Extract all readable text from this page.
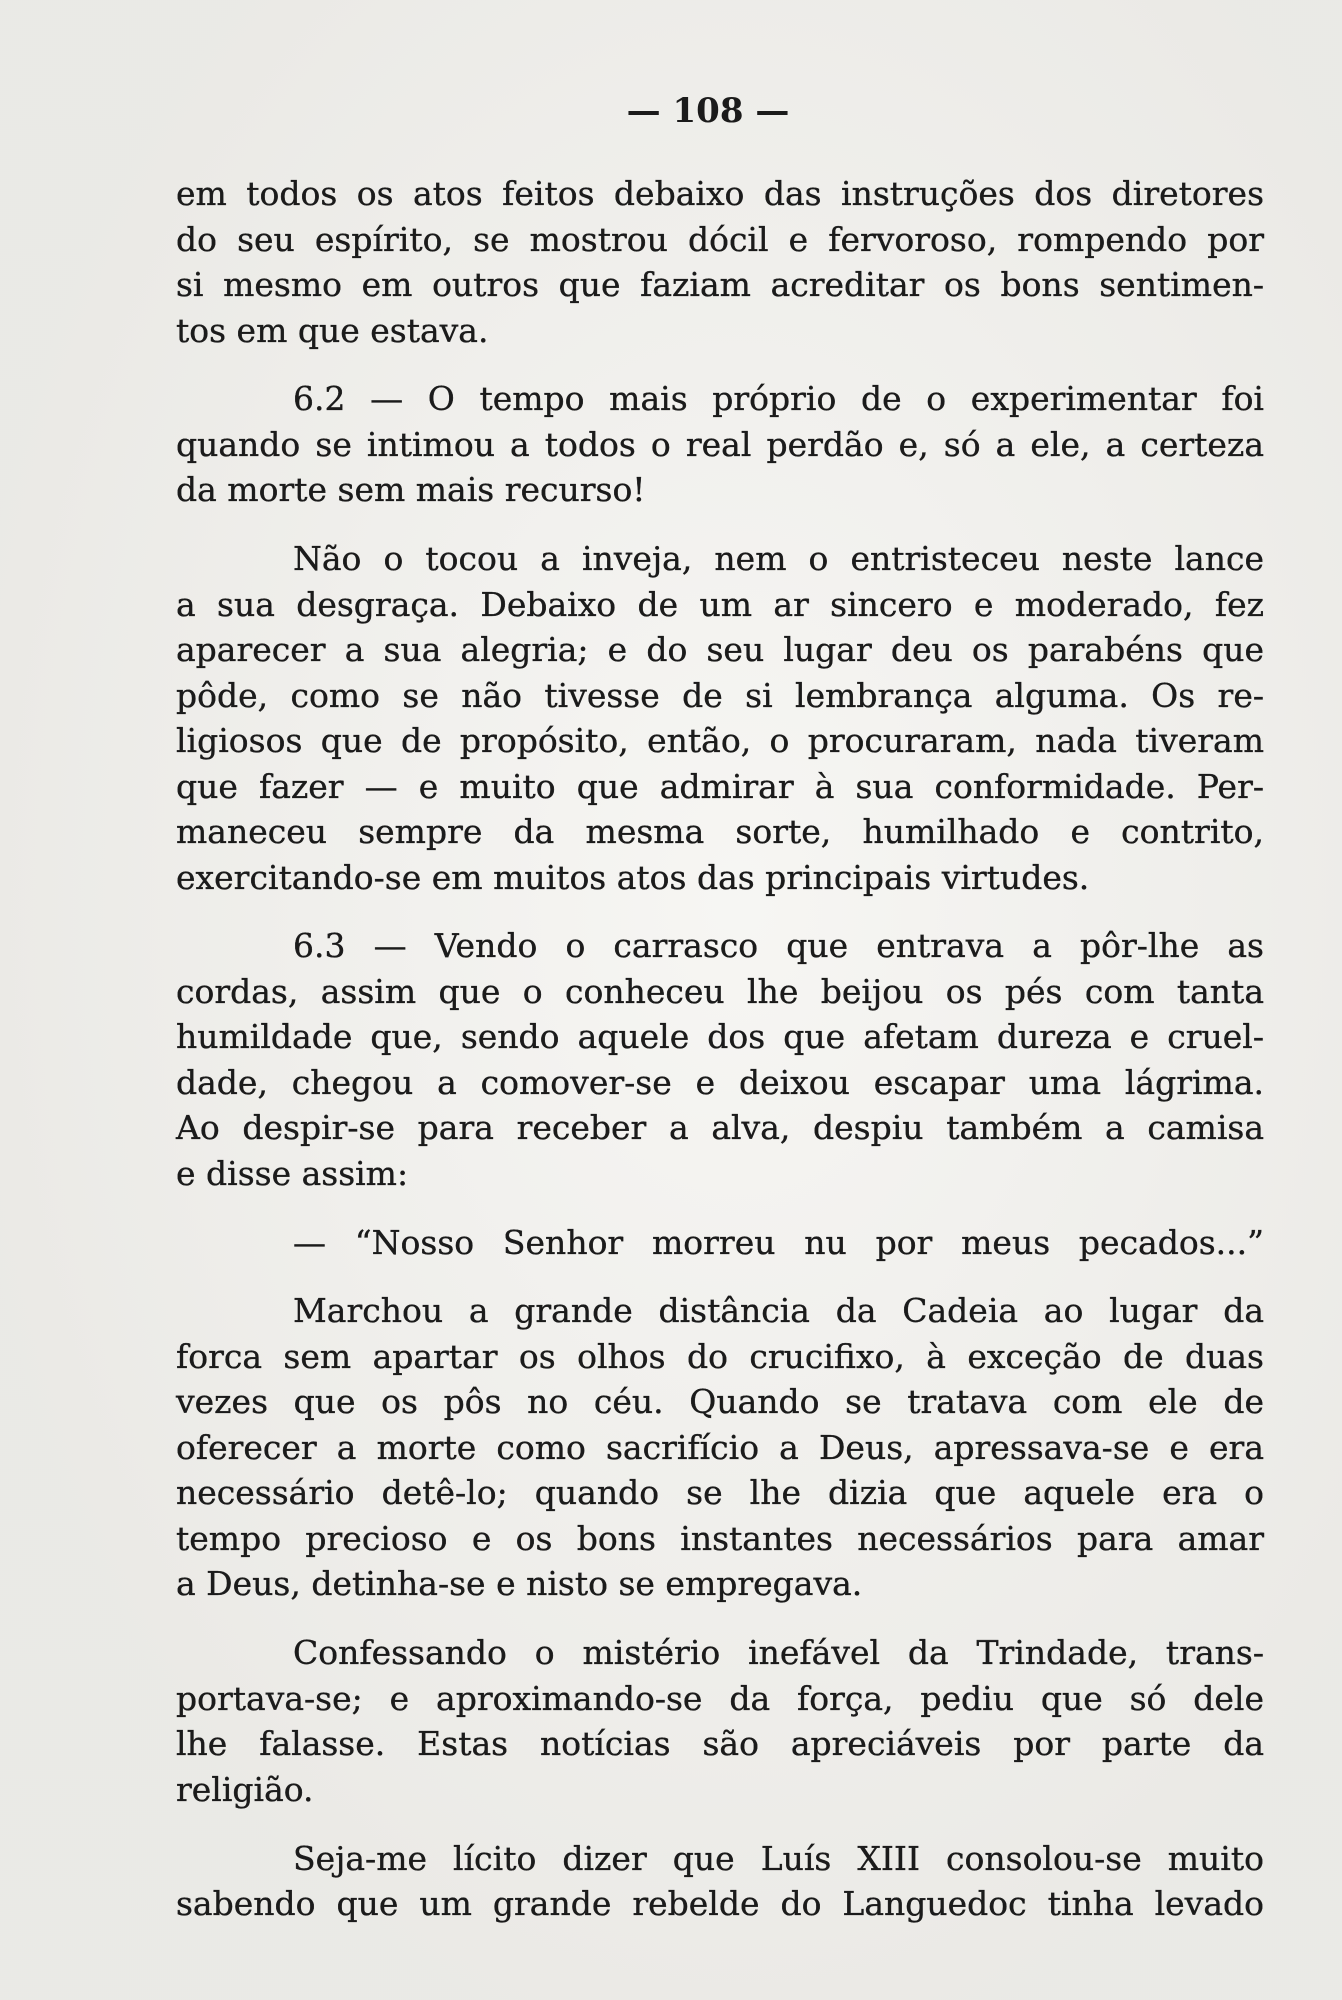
— 108 —
em todos os atos feitos debaixo das instruções dos diretores
do seu espírito, se mostrou dócil e fervoroso, rompendo por
si mesmo em outros que faziam acreditar os bons sentimen-
tos em que estava.
6.2 — O tempo mais próprio de o experimentar foi
quando se intimou a todos o real perdão e, só a ele, a certeza
da morte sem mais recurso!
Não o tocou a inveja, nem o entristeceu neste lance
a sua desgraça. Debaixo de um ar sincero e moderado, fez
aparecer a sua alegria; e do seu lugar deu os parabéns que
pôde, como se não tivesse de si lembrança alguma. Os re-
ligiosos que de propósito, então, o procuraram, nada tiveram
que fazer — e muito que admirar à sua conformidade. Per-
maneceu sempre da mesma sorte, humilhado e contrito,
exercitando-se em muitos atos das principais virtudes.
6.3 — Vendo o carrasco que entrava a pôr-lhe as
cordas, assim que o conheceu lhe beijou os pés com tanta
humildade que, sendo aquele dos que afetam dureza e cruel-
dade, chegou a comover-se e deixou escapar uma lágrima.
Ao despir-se para receber a alva, despiu também a camisa
e disse assim:
— “Nosso Senhor morreu nu por meus pecados...”
Marchou a grande distância da Cadeia ao lugar da
forca sem apartar os olhos do crucifixo, à exceção de duas
vezes que os pôs no céu. Quando se tratava com ele de
oferecer a morte como sacrifício a Deus, apressava-se e era
necessário detê-lo; quando se lhe dizia que aquele era o
tempo precioso e os bons instantes necessários para amar
a Deus, detinha-se e nisto se empregava.
Confessando o mistério inefável da Trindade, trans-
portava-se; e aproximando-se da força, pediu que só dele
lhe falasse. Estas notícias são apreciáveis por parte da
religião.
Seja-me lícito dizer que Luís XIII consolou-se muito
sabendo que um grande rebelde do Languedoc tinha levado
